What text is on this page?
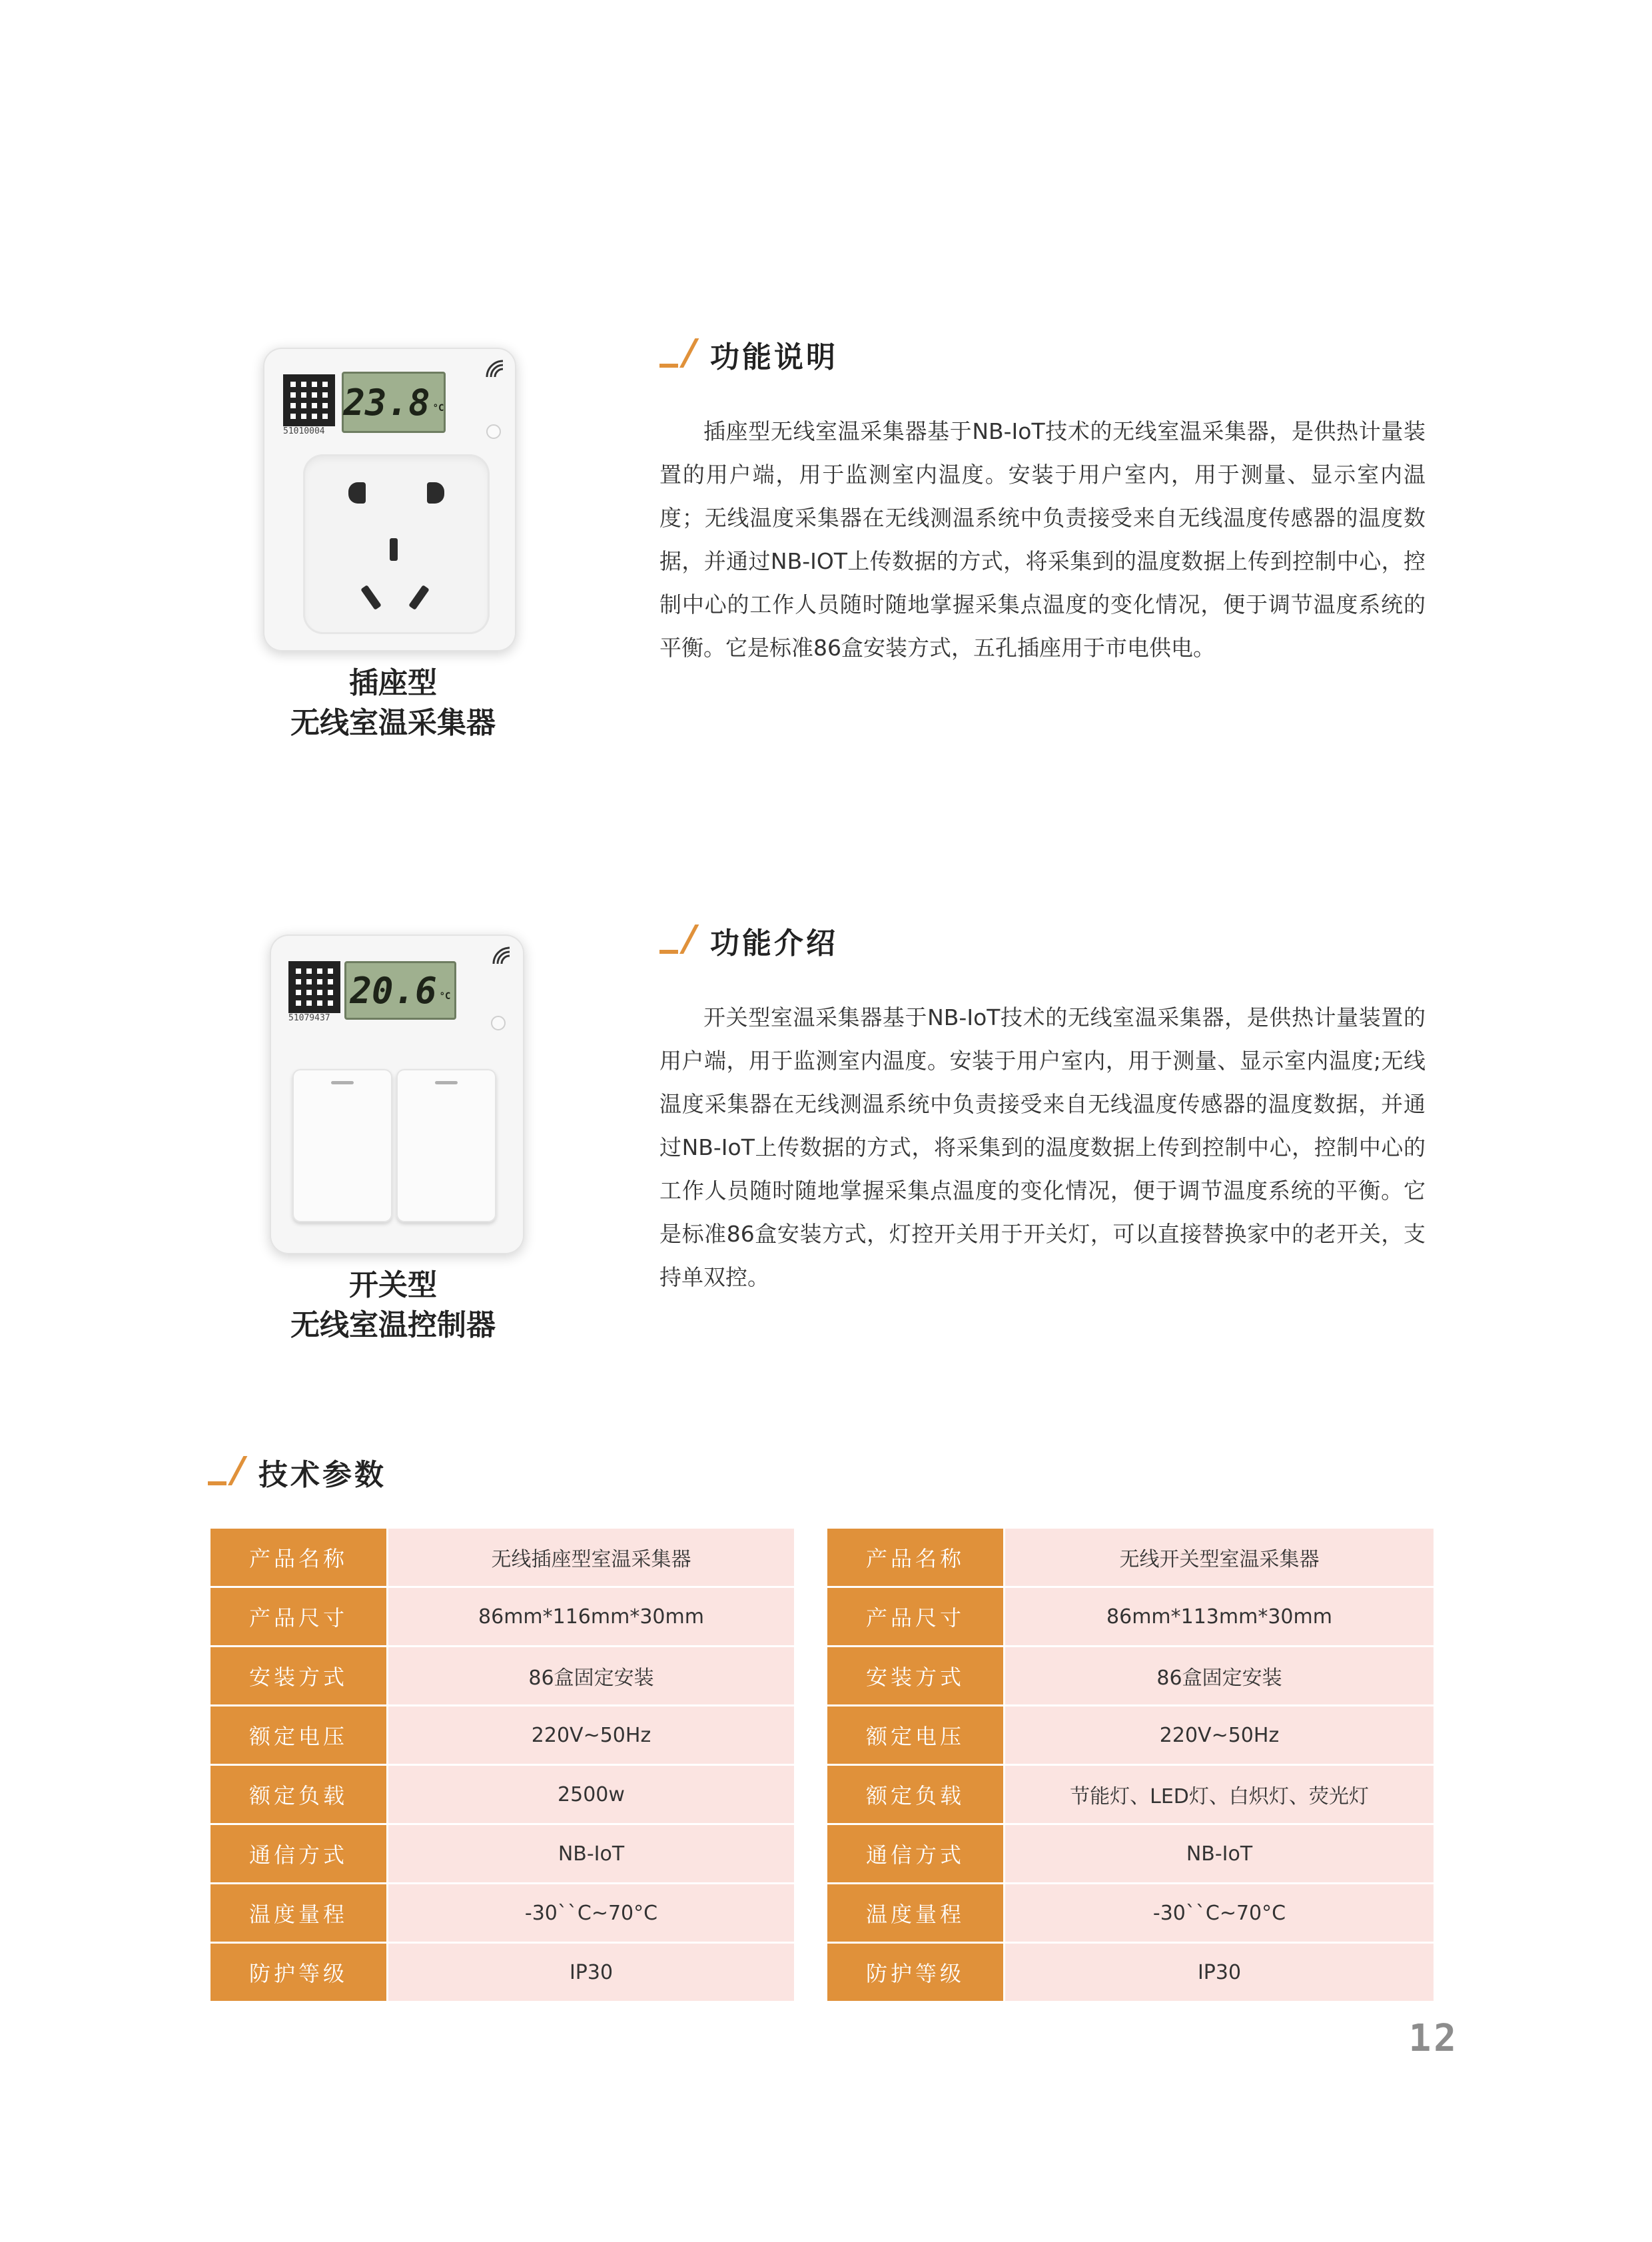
51010004
23.8 °C
插座型
无线室温采集器
功能说明
插座型无线室温采集器基于NB-IoT技术的无线室温采集器，是供热计量装置的用户端，用于监测室内温度。安装于用户室内，用于测量、显示室内温度；无线温度采集器在无线测温系统中负责接受来自无线温度传感器的温度数据，并通过NB-IOT上传数据的方式，将采集到的温度数据上传到控制中心，控制中心的工作人员随时随地掌握采集点温度的变化情况，便于调节温度系统的平衡。它是标准86盒安装方式，五孔插座用于市电供电。
51079437
20.6 °C
开关型
无线室温控制器
功能介绍
开关型室温采集器基于NB-IoT技术的无线室温采集器，是供热计量装置的用户端，用于监测室内温度。安装于用户室内，用于测量、显示室内温度;无线温度采集器在无线测温系统中负责接受来自无线温度传感器的温度数据，并通过NB-IoT上传数据的方式，将采集到的温度数据上传到控制中心，控制中心的工作人员随时随地掌握采集点温度的变化情况，便于调节温度系统的平衡。它是标准86盒安装方式，灯控开关用于开关灯，可以直接替换家中的老开关，支持单双控。
技术参数
产品名称	无线插座型室温采集器
产品尺寸	86mm*116mm*30mm
安装方式	86盒固定安装
额定电压	220V~50Hz
额定负载	2500w
通信方式	NB-IoT
温度量程	-30``C~70°C
防护等级	IP30
产品名称	无线开关型室温采集器
产品尺寸	86mm*113mm*30mm
安装方式	86盒固定安装
额定电压	220V~50Hz
额定负载	节能灯、LED灯、白炽灯、荧光灯
通信方式	NB-IoT
温度量程	-30``C~70°C
防护等级	IP30
12
